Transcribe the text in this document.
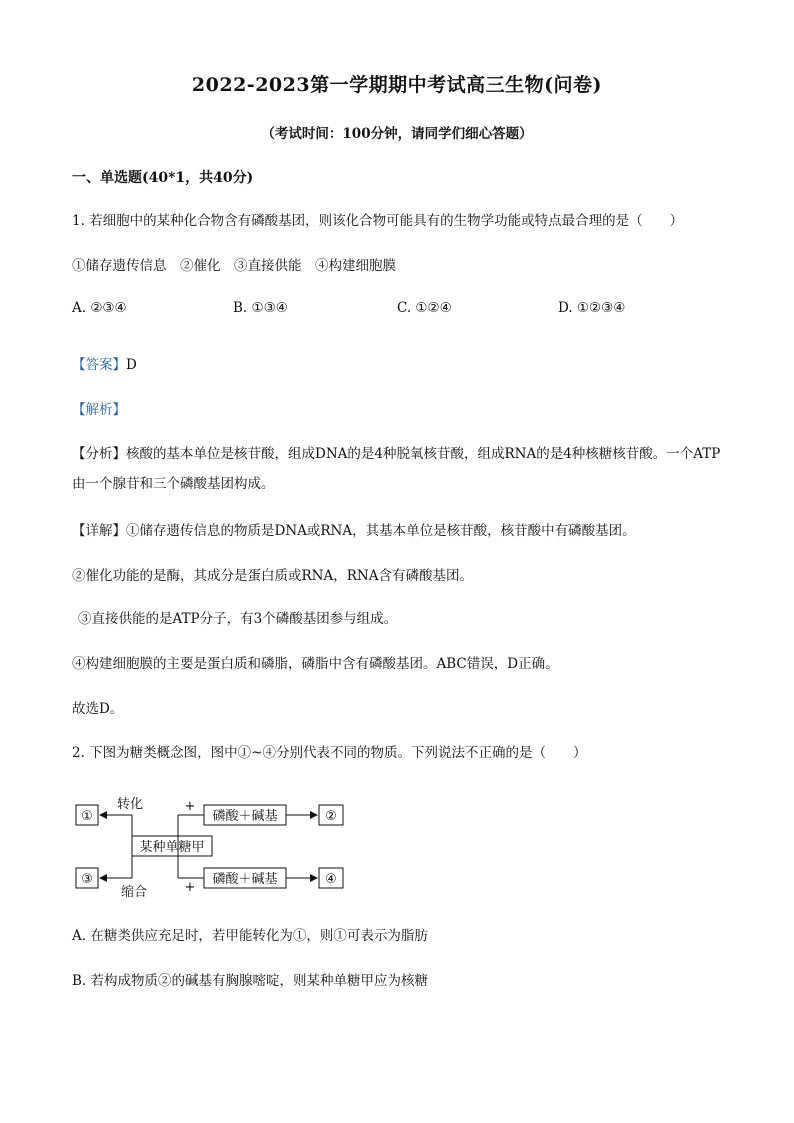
2022-2023第一学期期中考试高三生物(问卷)
（考试时间：100分钟，请同学们细心答题）
一、单选题(40*1，共40分)
1. 若细胞中的某种化合物含有磷酸基团，则该化合物可能具有的生物学功能或特点最合理的是（　　）
①储存遗传信息　②催化　③直接供能　④构建细胞膜
A. ②③④	B. ①③④	C. ①②④	D. ①②③④
【答案】D
【解析】
【分析】核酸的基本单位是核苷酸，组成DNA的是4种脱氧核苷酸，组成RNA的是4种核糖核苷酸。一个ATP由一个腺苷和三个磷酸基团构成。
【详解】①储存遗传信息的物质是DNA或RNA，其基本单位是核苷酸，核苷酸中有磷酸基团。
②催化功能的是酶，其成分是蛋白质或RNA，RNA含有磷酸基团。
③直接供能的是ATP分子，有3个磷酸基团参与组成。
④构建细胞膜的主要是蛋白质和磷脂，磷脂中含有磷酸基团。ABC错误，D正确。
故选D。
2. 下图为糖类概念图，图中①~④分别代表不同的物质。下列说法不正确的是（　　）
①
③
某种单糖甲
磷酸＋碱基
磷酸＋碱基
②
④
转化
缩合
+
+
A. 在糖类供应充足时，若甲能转化为①，则①可表示为脂肪
B. 若构成物质②的碱基有胸腺嘧啶，则某种单糖甲应为核糖
